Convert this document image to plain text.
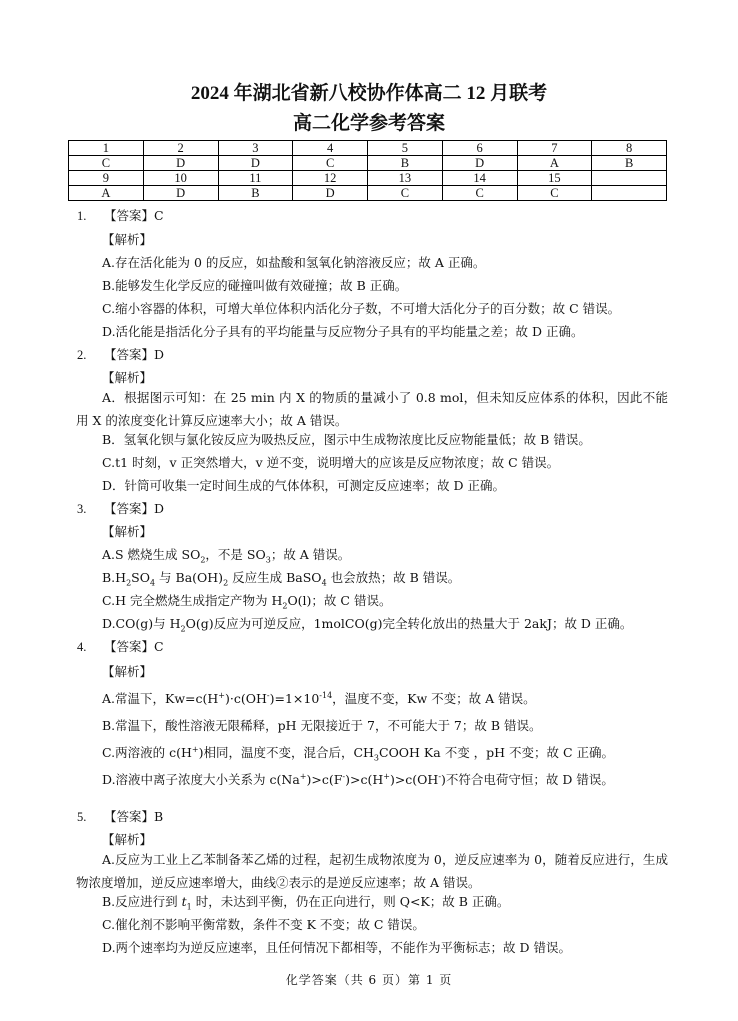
2024 年湖北省新八校协作体高二 12 月联考
高二化学参考答案
1	2	3	4	5	6	7	8
C	D	D	C	B	D	A	B
9	10	11	12	13	14	15	
A	D	B	D	C	C	C	
1. 【答案】C
【解析】
A.存在活化能为 0 的反应，如盐酸和氢氧化钠溶液反应；故 A 正确。
B.能够发生化学反应的碰撞叫做有效碰撞；故 B 正确。
C.缩小容器的体积，可增大单位体积内活化分子数，不可增大活化分子的百分数；故 C 错误。
D.活化能是指活化分子具有的平均能量与反应物分子具有的平均能量之差；故 D 正确。
2. 【答案】D
【解析】
A．根据图示可知：在 25 min 内 X 的物质的量减小了 0.8 mol，但未知反应体系的体积，因此不能用 X 的浓度变化计算反应速率大小；故 A 错误。
B．氢氧化钡与氯化铵反应为吸热反应，图示中生成物浓度比反应物能量低；故 B 错误。
C.t1 时刻，v 正突然增大，v 逆不变，说明增大的应该是反应物浓度；故 C 错误。
D．针筒可收集一定时间生成的气体体积，可测定反应速率；故 D 正确。
3. 【答案】D
【解析】
A.S 燃烧生成 $SO_2$，不是 $SO_3$；故 A 错误。
$B.H_2SO_4$ 与 $Ba(OH)_2$ 反应生成 BaSO$_4$ 也会放热；故 B 错误。
C.H 完全燃烧生成指定产物为 $H_2O(l)$；故 C 错误。
D.CO(g)与 $H_2O(g)$反应为可逆反应，1molCO(g)完全转化放出的热量大于 2akJ；故 D 正确。
4. 【答案】C
【解析】
A.常温下，$Kw=c(H^+)\cdot c(OH^-)=1\times 10^{-14}$，温度不变，Kw 不变；故 A 错误。
B.常温下，酸性溶液无限稀释，pH 无限接近于 7，不可能大于 7；故 B 错误。
C.两溶液的 c(H+)相同，温度不变，混合后，$CH_3COOH$ Ka 不变 ，pH 不变；故 C 正确。
D.溶液中离子浓度大小关系为 c(Na+)>c(F-)>c(H+)>c(OH-)不符合电荷守恒；故 D 错误。
5. 【答案】B
【解析】
A.反应为工业上乙苯制备苯乙烯的过程，起初生成物浓度为 0，逆反应速率为 0，随着反应进行，生成物浓度增加，逆反应速率增大，曲线②表示的是逆反应速率；故 A 错误。
B.反应进行到 $t_1$ 时，未达到平衡，仍在正向进行，则 Q<K；故 B 正确。
C.催化剂不影响平衡常数，条件不变 K 不变；故 C 错误。
D.两个速率均为逆反应速率，且任何情况下都相等，不能作为平衡标志；故 D 错误。
化学答案（共 6 页）第 1 页
